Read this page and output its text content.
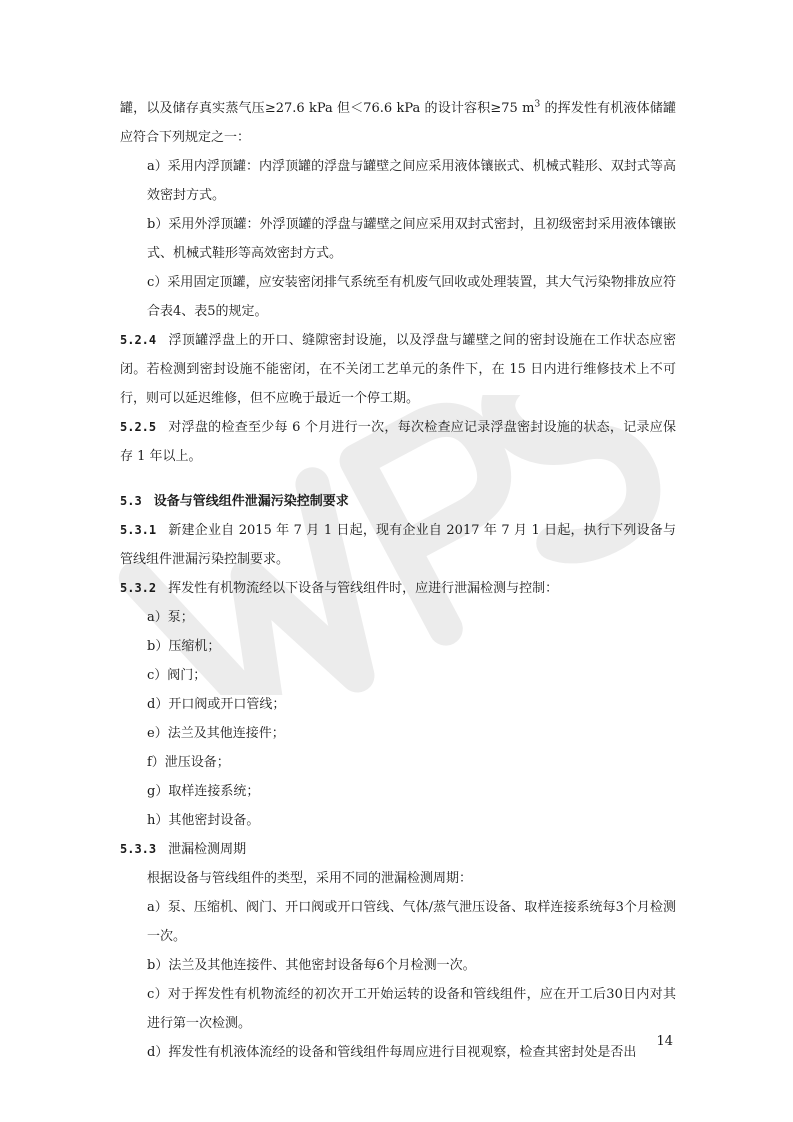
罐，以及储存真实蒸气压≥27.6 kPa 但＜76.6 kPa 的设计容积≥75 $m^3$ 的挥发性有机液体储罐应符合下列规定之一：

a）采用内浮顶罐：内浮顶罐的浮盘与罐壁之间应采用液体镶嵌式、机械式鞋形、双封式等高效密封方式。

b）采用外浮顶罐：外浮顶罐的浮盘与罐壁之间应采用双封式密封，且初级密封采用液体镶嵌式、机械式鞋形等高效密封方式。

c）采用固定顶罐，应安装密闭排气系统至有机废气回收或处理装置，其大气污染物排放应符合表4、表5的规定。

5.2.4 浮顶罐浮盘上的开口、缝隙密封设施，以及浮盘与罐壁之间的密封设施在工作状态应密闭。若检测到密封设施不能密闭，在不关闭工艺单元的条件下，在 15 日内进行维修技术上不可行，则可以延迟维修，但不应晚于最近一个停工期。

5.2.5 对浮盘的检查至少每 6 个月进行一次，每次检查应记录浮盘密封设施的状态，记录应保存 1 年以上。

5.3 设备与管线组件泄漏污染控制要求

5.3.1 新建企业自 2015 年 7 月 1 日起，现有企业自 2017 年 7 月 1 日起，执行下列设备与管线组件泄漏污染控制要求。

5.3.2 挥发性有机物流经以下设备与管线组件时，应进行泄漏检测与控制：

a）泵；

b）压缩机；

c）阀门；

d）开口阀或开口管线；

e）法兰及其他连接件；

f）泄压设备；

g）取样连接系统；

h）其他密封设备。

5.3.3 泄漏检测周期

根据设备与管线组件的类型，采用不同的泄漏检测周期：

a）泵、压缩机、阀门、开口阀或开口管线、气体/蒸气泄压设备、取样连接系统每3个月检测一次。

b）法兰及其他连接件、其他密封设备每6个月检测一次。

c）对于挥发性有机物流经的初次开工开始运转的设备和管线组件，应在开工后30日内对其进行第一次检测。

d）挥发性有机液体流经的设备和管线组件每周应进行目视观察，检查其密封处是否出

14
